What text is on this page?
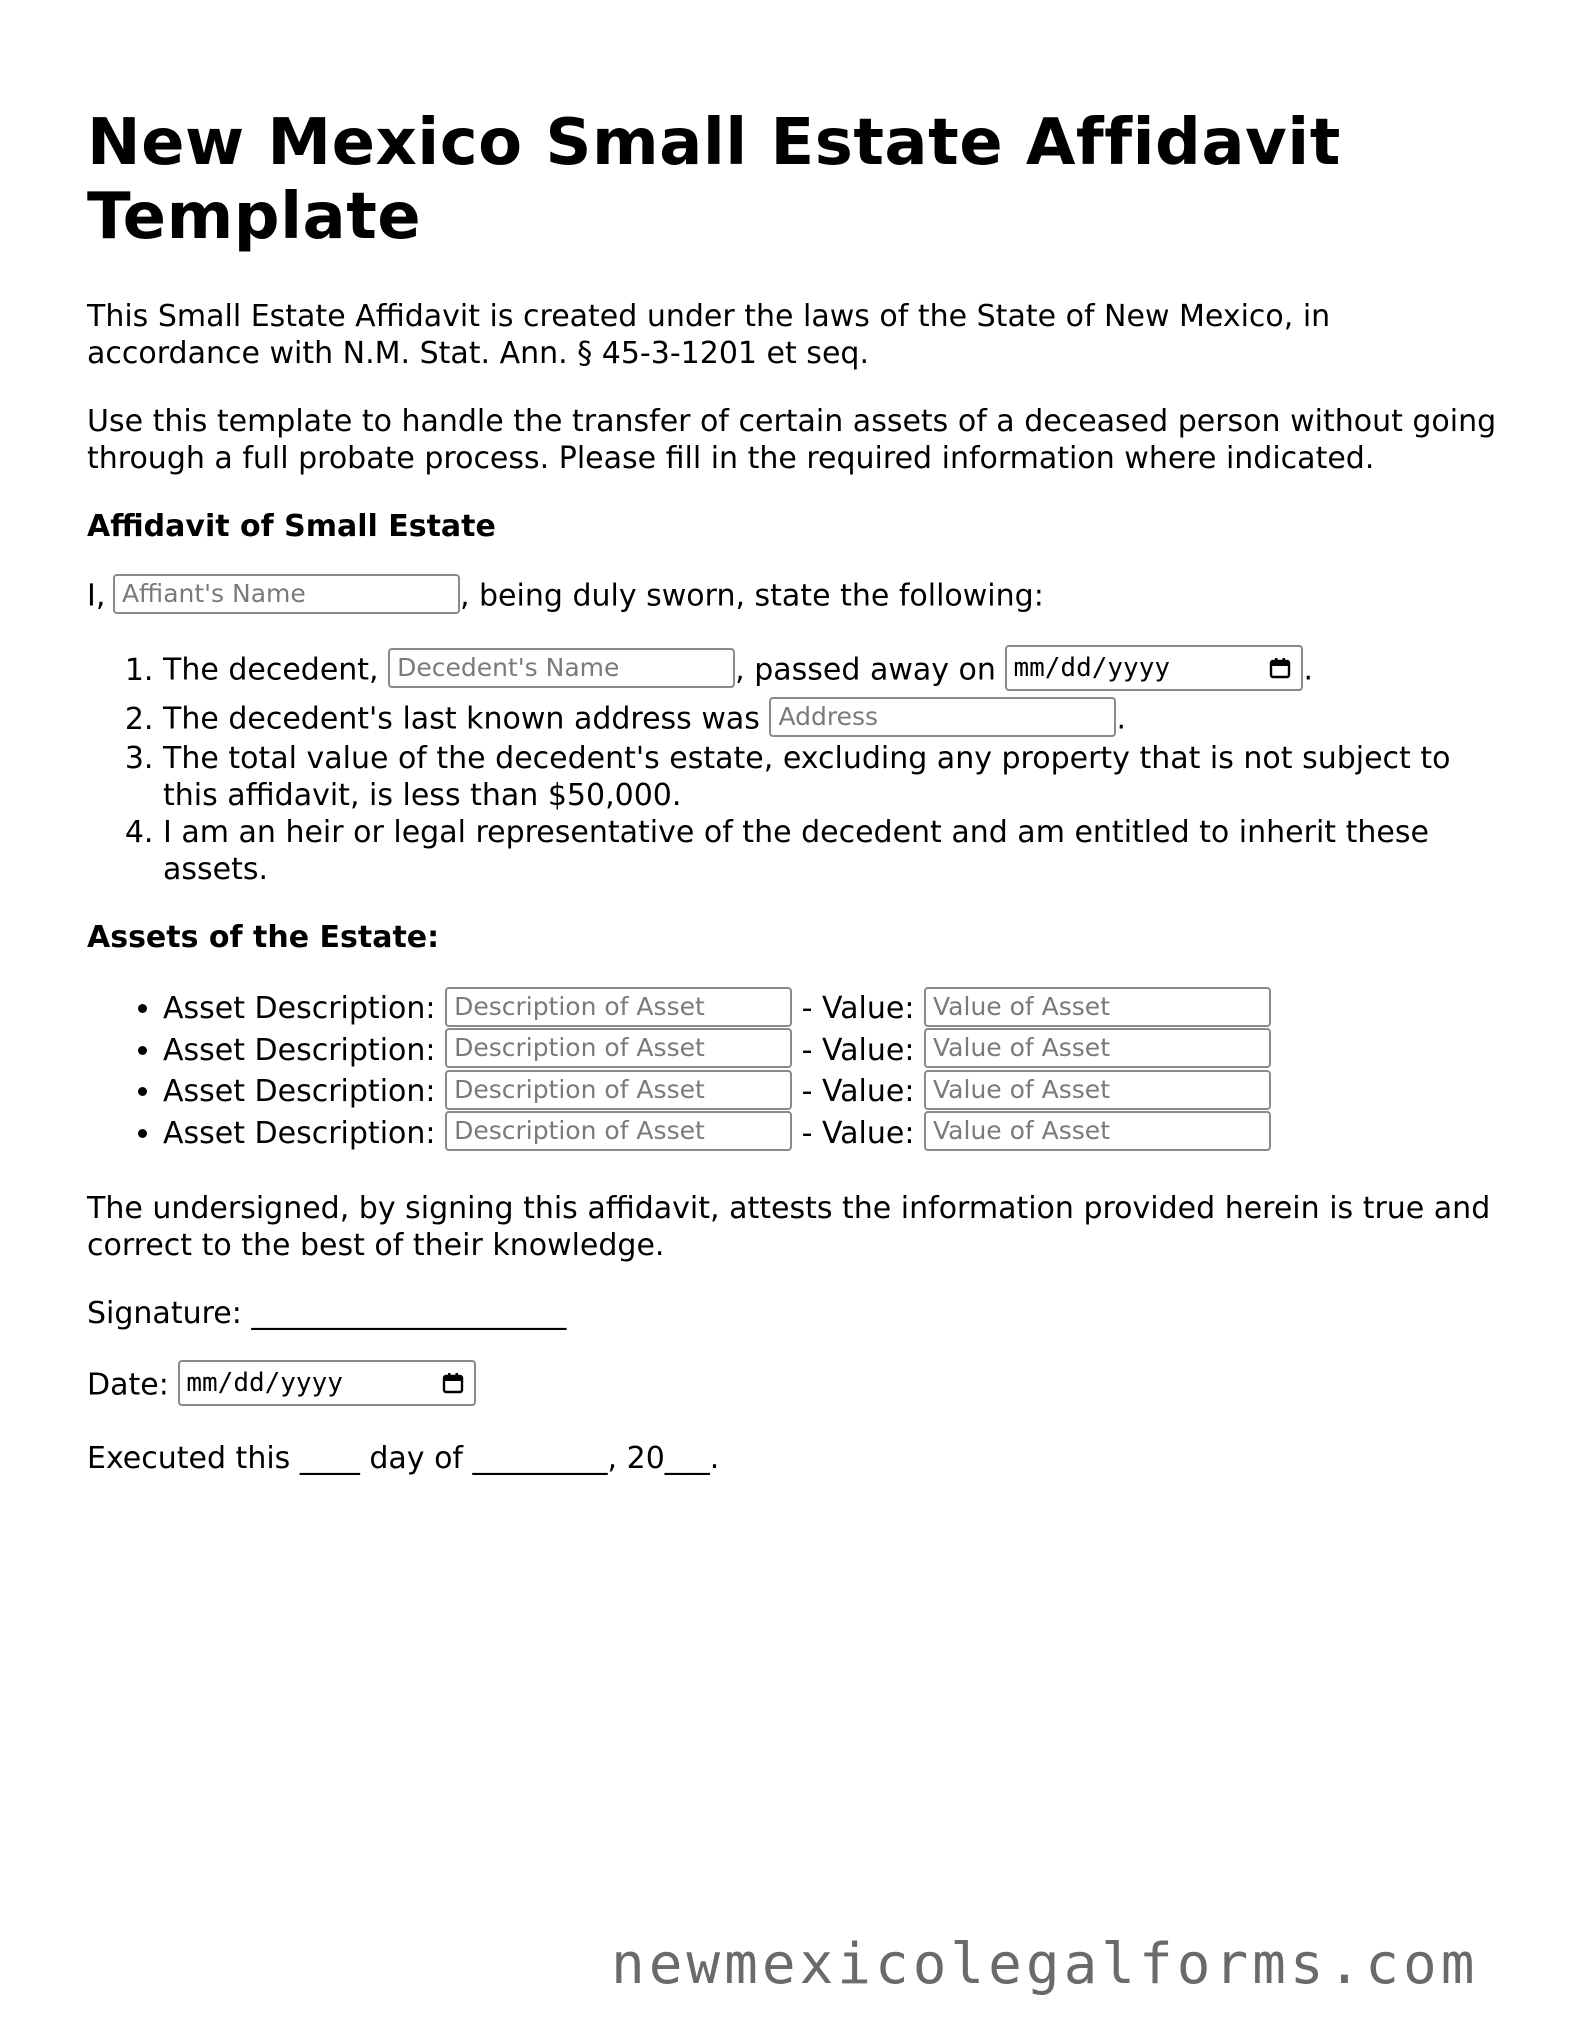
New Mexico Small Estate Affidavit Template

This Small Estate Affidavit is created under the laws of the State of New Mexico, in accordance with N.M. Stat. Ann. § 45-3-1201 et seq.

Use this template to handle the transfer of certain assets of a deceased person without going through a full probate process. Please fill in the required information where indicated.

Affidavit of Small Estate

I, Affiant's Name	, being duly sworn, state the following:

1. The decedent, Decedent's Name	, passed away on mm/dd/yyyy	.
2. The decedent's last known address was Address	.
3. The total value of the decedent's estate, excluding any property that is not subject to this affidavit, is less than $50,000.
4. I am an heir or legal representative of the decedent and am entitled to inherit these assets.
Assets of the Estate:
• Asset Description: Description of Asset	- Value: Value of Asset
• Asset Description: Description of Asset	- Value: Value of Asset
• Asset Description: Description of Asset	- Value: Value of Asset
• Asset Description: Description of Asset	- Value: Value of Asset

The undersigned, by signing this affidavit, attests the information provided herein is true and correct to the best of their knowledge.

Signature: _____________________

Date: mm/dd/yyyy

Executed this ____ day of _________, 20___.

newmexicolegalforms.com
